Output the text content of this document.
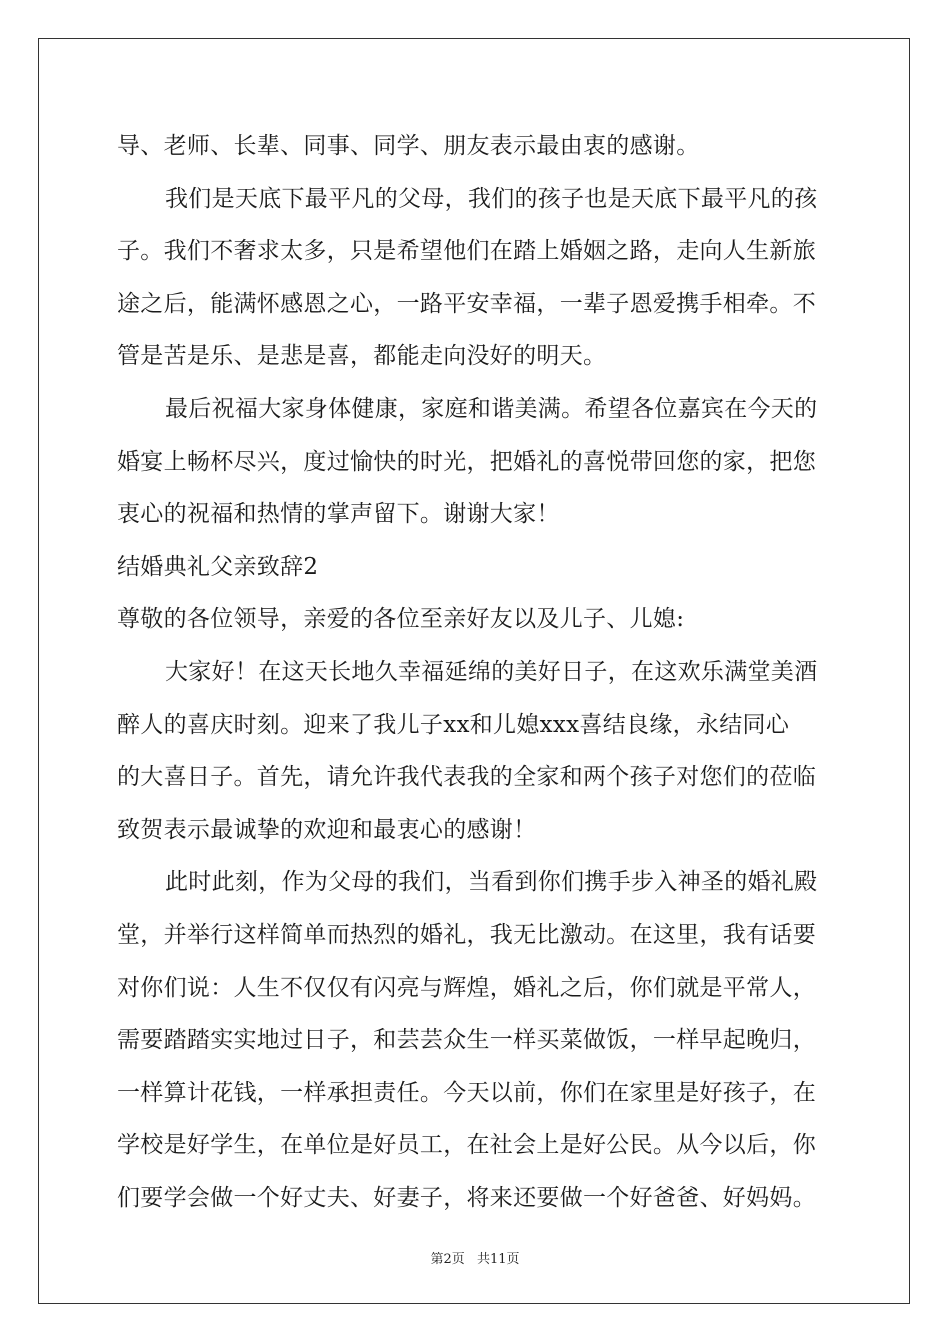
导、老师、长辈、同事、同学、朋友表示最由衷的感谢。
我们是天底下最平凡的父母，我们的孩子也是天底下最平凡的孩
子。我们不奢求太多，只是希望他们在踏上婚姻之路，走向人生新旅
途之后，能满怀感恩之心，一路平安幸福，一辈子恩爱携手相牵。不
管是苦是乐、是悲是喜，都能走向没好的明天。
最后祝福大家身体健康，家庭和谐美满。希望各位嘉宾在今天的
婚宴上畅杯尽兴，度过愉快的时光，把婚礼的喜悦带回您的家，把您
衷心的祝福和热情的掌声留下。谢谢大家！
结婚典礼父亲致辞2
尊敬的各位领导，亲爱的各位至亲好友以及儿子、儿媳:
大家好！在这天长地久幸福延绵的美好日子，在这欢乐满堂美酒
醉人的喜庆时刻。迎来了我儿子xx和儿媳xxx喜结良缘，永结同心
的大喜日子。首先，请允许我代表我的全家和两个孩子对您们的莅临
致贺表示最诚挚的欢迎和最衷心的感谢！
此时此刻，作为父母的我们，当看到你们携手步入神圣的婚礼殿
堂，并举行这样简单而热烈的婚礼，我无比激动。在这里，我有话要
对你们说：人生不仅仅有闪亮与辉煌，婚礼之后，你们就是平常人，
需要踏踏实实地过日子，和芸芸众生一样买菜做饭，一样早起晚归，
一样算计花钱，一样承担责任。今天以前，你们在家里是好孩子，在
学校是好学生，在单位是好员工，在社会上是好公民。从今以后，你
们要学会做一个好丈夫、好妻子，将来还要做一个好爸爸、好妈妈。
第2页 共11页
